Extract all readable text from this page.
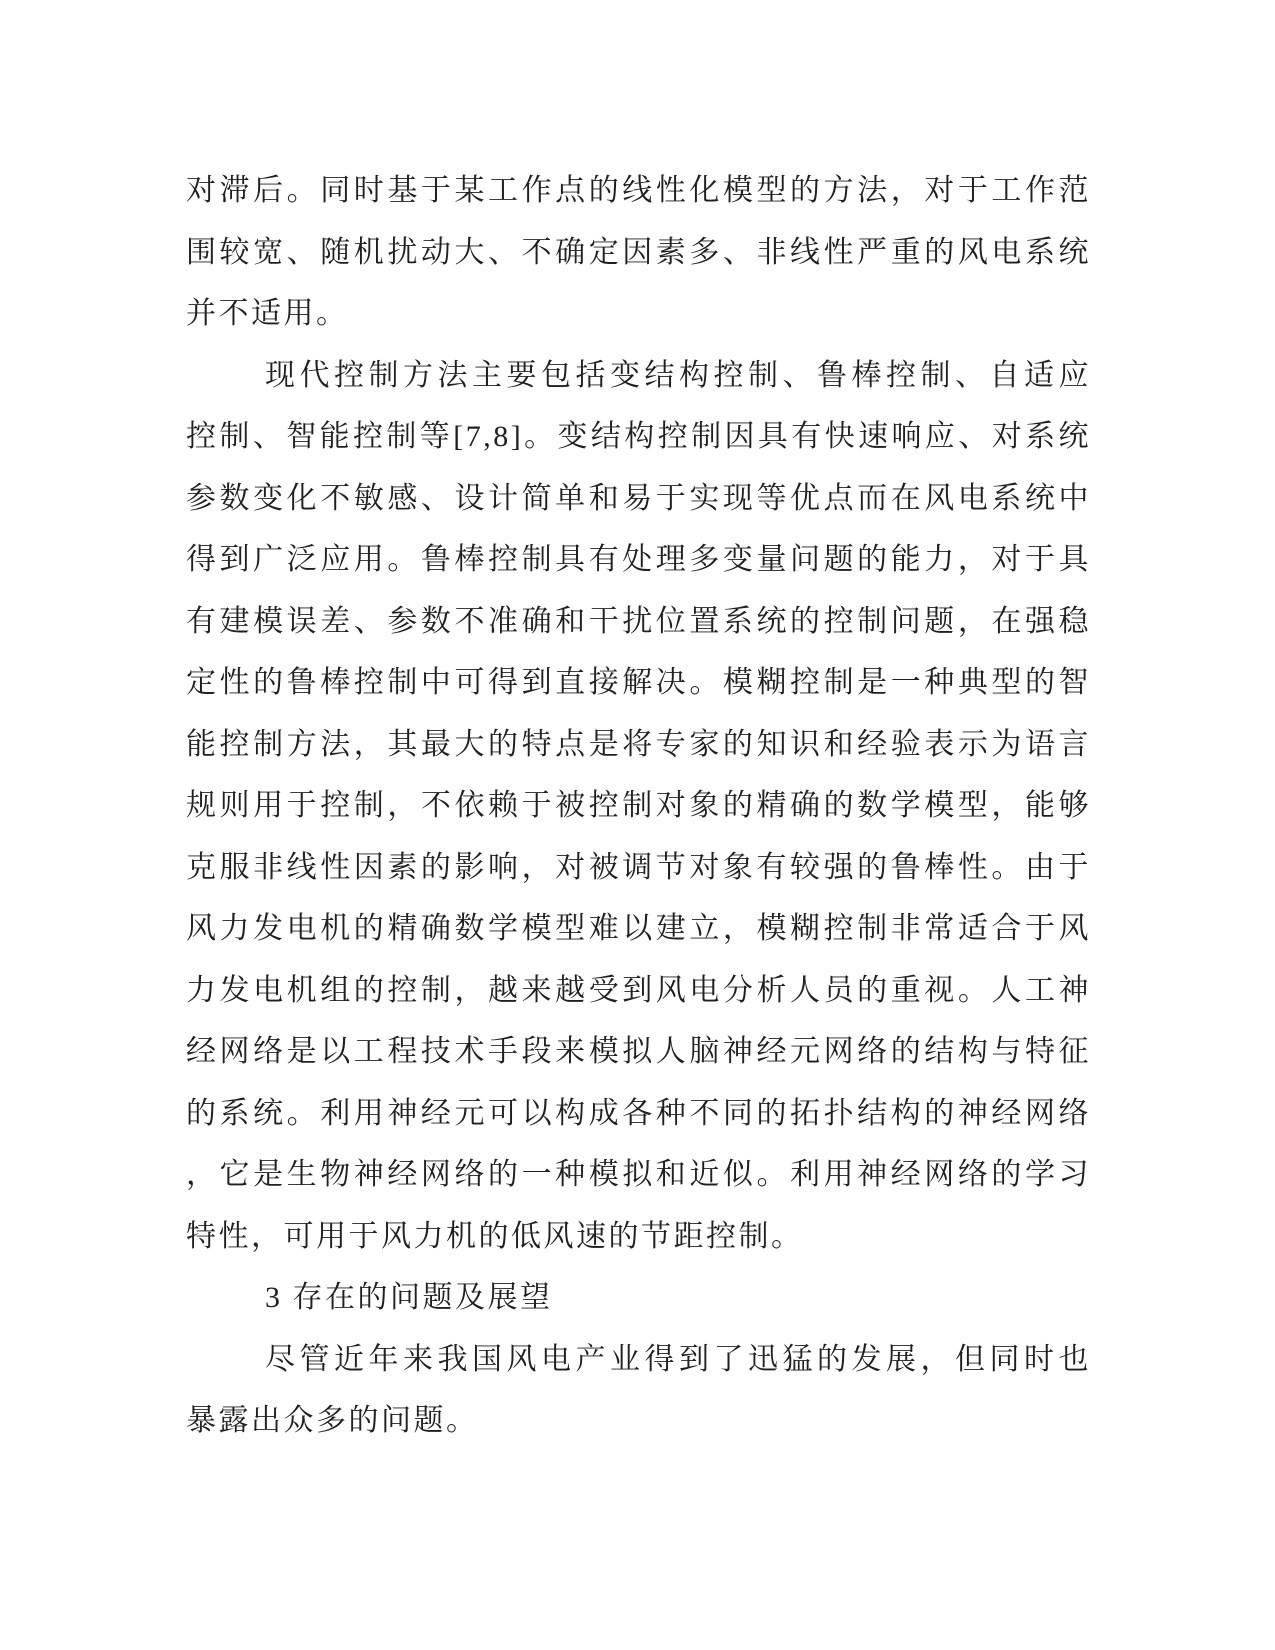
对滞后。同时基于某工作点的线性化模型的方法，对于工作范
围较宽、随机扰动大、不确定因素多、非线性严重的风电系统
并不适用。
现代控制方法主要包括变结构控制、鲁棒控制、自适应
控制、智能控制等[7,8]。变结构控制因具有快速响应、对系统
参数变化不敏感、设计简单和易于实现等优点而在风电系统中
得到广泛应用。鲁棒控制具有处理多变量问题的能力，对于具
有建模误差、参数不准确和干扰位置系统的控制问题，在强稳
定性的鲁棒控制中可得到直接解决。模糊控制是一种典型的智
能控制方法，其最大的特点是将专家的知识和经验表示为语言
规则用于控制，不依赖于被控制对象的精确的数学模型，能够
克服非线性因素的影响，对被调节对象有较强的鲁棒性。由于
风力发电机的精确数学模型难以建立，模糊控制非常适合于风
力发电机组的控制，越来越受到风电分析人员的重视。人工神
经网络是以工程技术手段来模拟人脑神经元网络的结构与特征
的系统。利用神经元可以构成各种不同的拓扑结构的神经网络
，它是生物神经网络的一种模拟和近似。利用神经网络的学习
特性，可用于风力机的低风速的节距控制。
3 存在的问题及展望
尽管近年来我国风电产业得到了迅猛的发展，但同时也
暴露出众多的问题。
